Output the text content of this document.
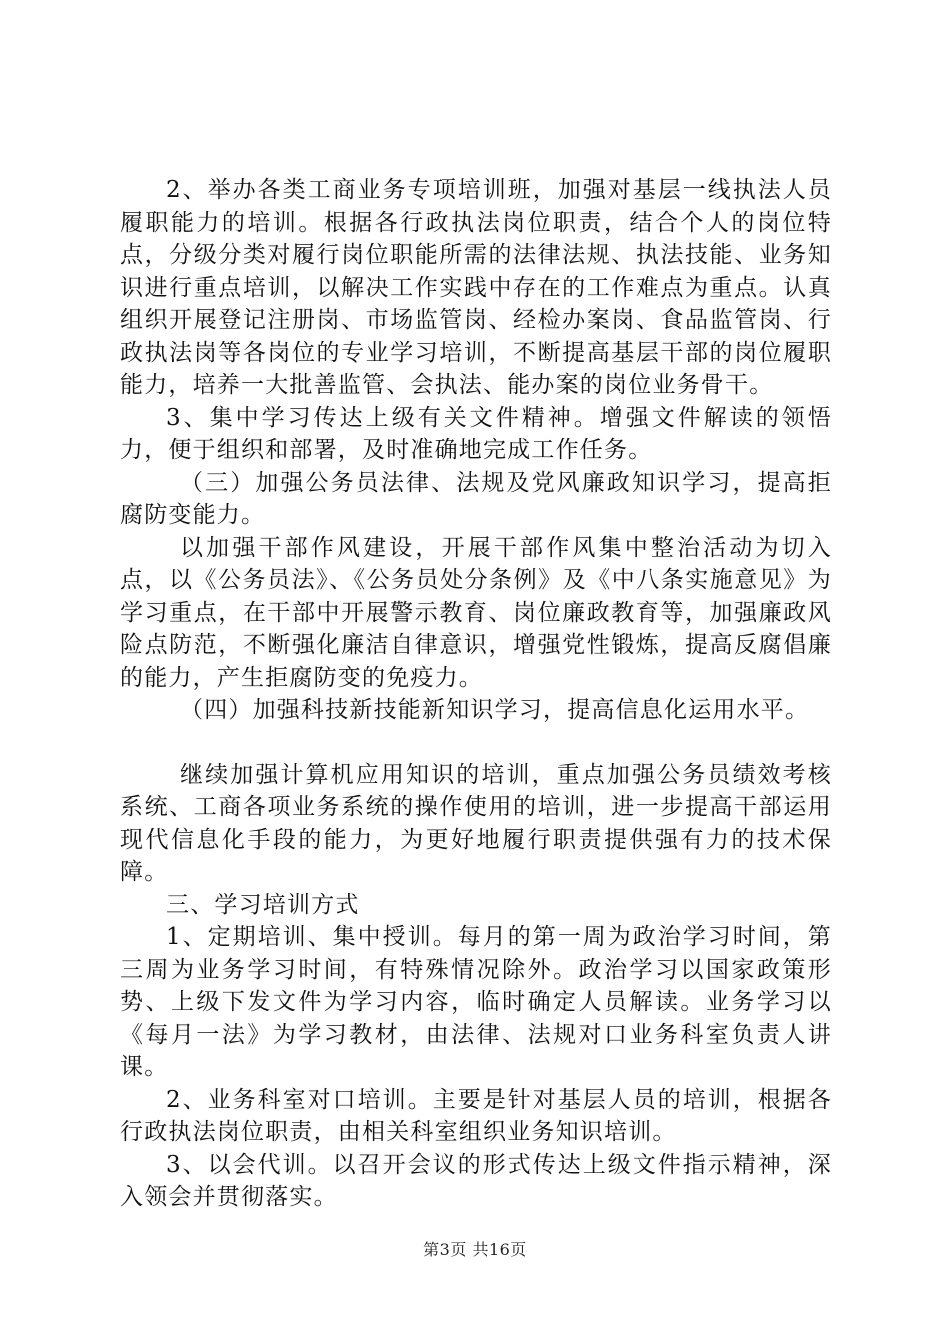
2、举办各类工商业务专项培训班，加强对基层一线执法人员履职能力的培训。根据各行政执法岗位职责，结合个人的岗位特点，分级分类对履行岗位职能所需的法律法规、执法技能、业务知识进行重点培训，以解决工作实践中存在的工作难点为重点。认真组织开展登记注册岗、市场监管岗、经检办案岗、食品监管岗、行政执法岗等各岗位的专业学习培训，不断提高基层干部的岗位履职能力，培养一大批善监管、会执法、能办案的岗位业务骨干。

3、集中学习传达上级有关文件精神。增强文件解读的领悟力，便于组织和部署，及时准确地完成工作任务。

（三）加强公务员法律、法规及党风廉政知识学习，提高拒腐防变能力。

以加强干部作风建设，开展干部作风集中整治活动为切入点，以《公务员法》、《公务员处分条例》及《中八条实施意见》为学习重点，在干部中开展警示教育、岗位廉政教育等，加强廉政风险点防范，不断强化廉洁自律意识，增强党性锻炼，提高反腐倡廉的能力，产生拒腐防变的免疫力。

（四）加强科技新技能新知识学习，提高信息化运用水平。

继续加强计算机应用知识的培训，重点加强公务员绩效考核系统、工商各项业务系统的操作使用的培训，进一步提高干部运用现代信息化手段的能力，为更好地履行职责提供强有力的技术保障。

三、学习培训方式

1、定期培训、集中授训。每月的第一周为政治学习时间，第三周为业务学习时间，有特殊情况除外。政治学习以国家政策形势、上级下发文件为学习内容，临时确定人员解读。业务学习以《每月一法》为学习教材，由法律、法规对口业务科室负责人讲课。

2、业务科室对口培训。主要是针对基层人员的培训，根据各行政执法岗位职责，由相关科室组织业务知识培训。

3、以会代训。以召开会议的形式传达上级文件指示精神，深入领会并贯彻落实。

第3页 共16页
